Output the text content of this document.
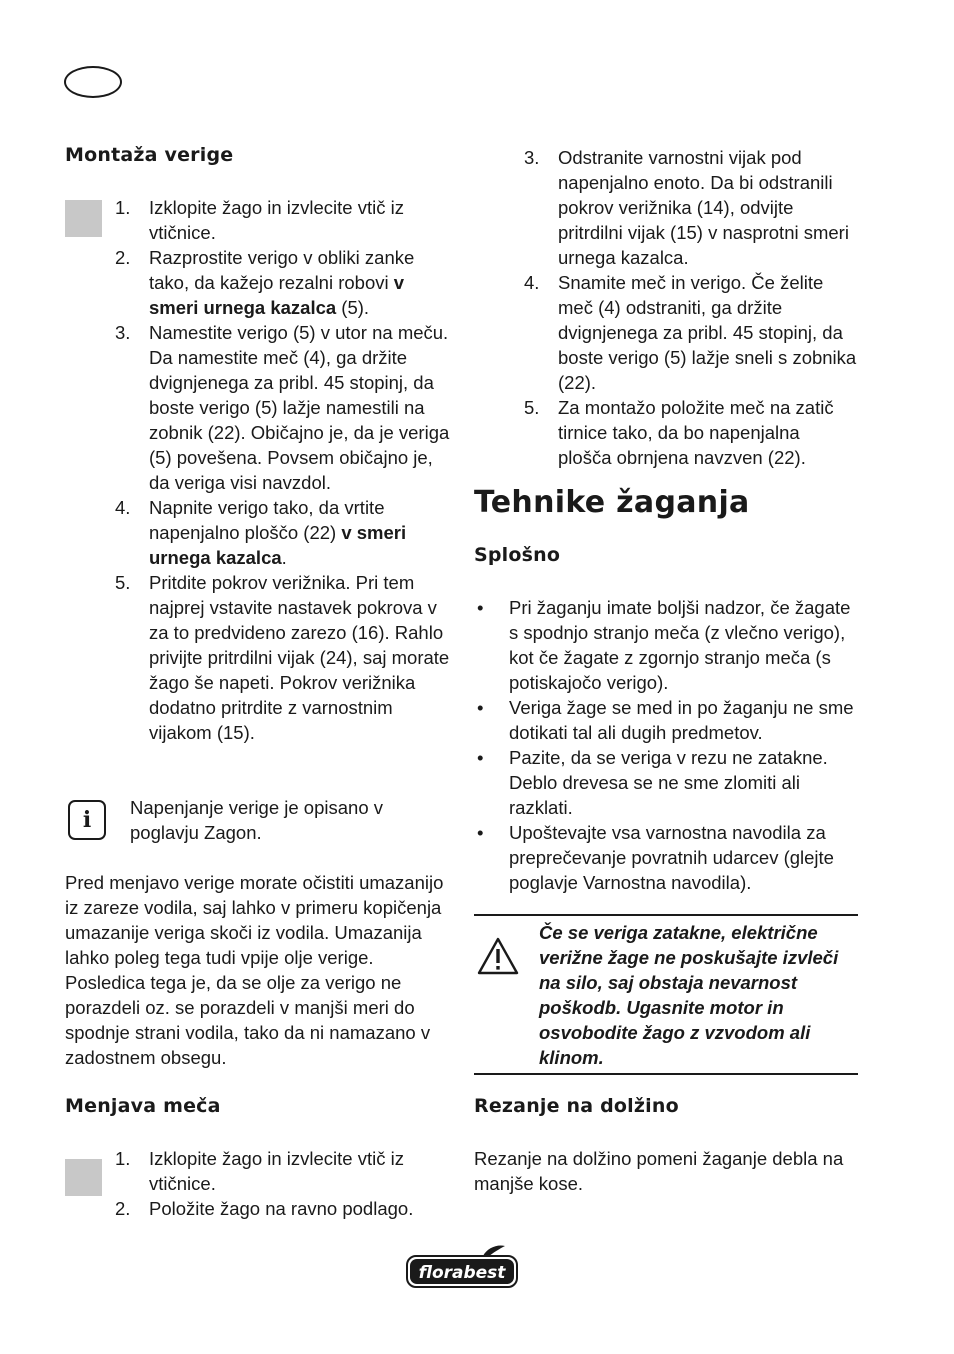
Montaža verige
1. Izklopite žago in izvlecite vtič iz vtičnice.
2. Razprostite verigo v obliki zanke tako, da kažejo rezalni robovi v smeri urnega kazalca (5).
3. Namestite verigo (5) v utor na meču. Da namestite meč (4), ga držite dvignjenega za pribl. 45 stopinj, da boste verigo (5) lažje namestili na zobnik (22). Običajno je, da je veriga (5) povešena. Povsem običajno je, da veriga visi navzdol.
4. Napnite verigo tako, da vrtite napenjalno ploščo (22) v smeri urnega kazalca.
5. Pritdite pokrov verižnika. Pri tem najprej vstavite nastavek pokrova v za to predvideno zarezo (16). Rahlo privijte pritrdilni vijak (24), saj morate žago še napeti. Pokrov verižnika dodatno pritrdite z varnostnim vijakom (15).
i	Napenjanje verige je opisano v poglavju Zagon.
Pred menjavo verige morate očistiti umazanijo iz zareze vodila, saj lahko v primeru kopičenja umazanije veriga skoči iz vodila. Umazanija lahko poleg tega tudi vpije olje verige. Posledica tega je, da se olje za verigo ne porazdeli oz. se porazdeli v manjši meri do spodnje strani vodila, tako da ni namazano v zadostnem obsegu.
Menjava meča
1. Izklopite žago in izvlecite vtič iz vtičnice.
2. Položite žago na ravno podlago.
3. Odstranite varnostni vijak pod napenjalno enoto. Da bi odstranili pokrov verižnika (14), odvijte pritrdilni vijak (15) v nasprotni smeri urnega kazalca.
4. Snamite meč in verigo. Če želite meč (4) odstraniti, ga držite dvignjenega za pribl. 45 stopinj, da boste verigo (5) lažje sneli s zobnika (22).
5. Za montažo položite meč na zatič tirnice tako, da bo napenjalna plošča obrnjena navzven (22).
Tehnike žaganja
Splošno
• Pri žaganju imate boljši nadzor, če žagate s spodnjo stranjo meča (z vlečno verigo), kot če žagate z zgornjo stranjo meča (s potiskajočo verigo).
• Veriga žage se med in po žaganju ne sme dotikati tal ali dugih predmetov.
• Pazite, da se veriga v rezu ne zatakne. Deblo drevesa se ne sme zlomiti ali razklati.
• Upoštevajte vsa varnostna navodila za preprečevanje povratnih udarcev (glejte poglavje Varnostna navodila).
Če se veriga zatakne, električne verižne žage ne poskušajte izvleči na silo, saj obstaja nevarnost poškodb. Ugasnite motor in osvobodite žago z vzvodom ali klinom.
Rezanje na dolžino
Rezanje na dolžino pomeni žaganje debla na manjše kose.
florabest
